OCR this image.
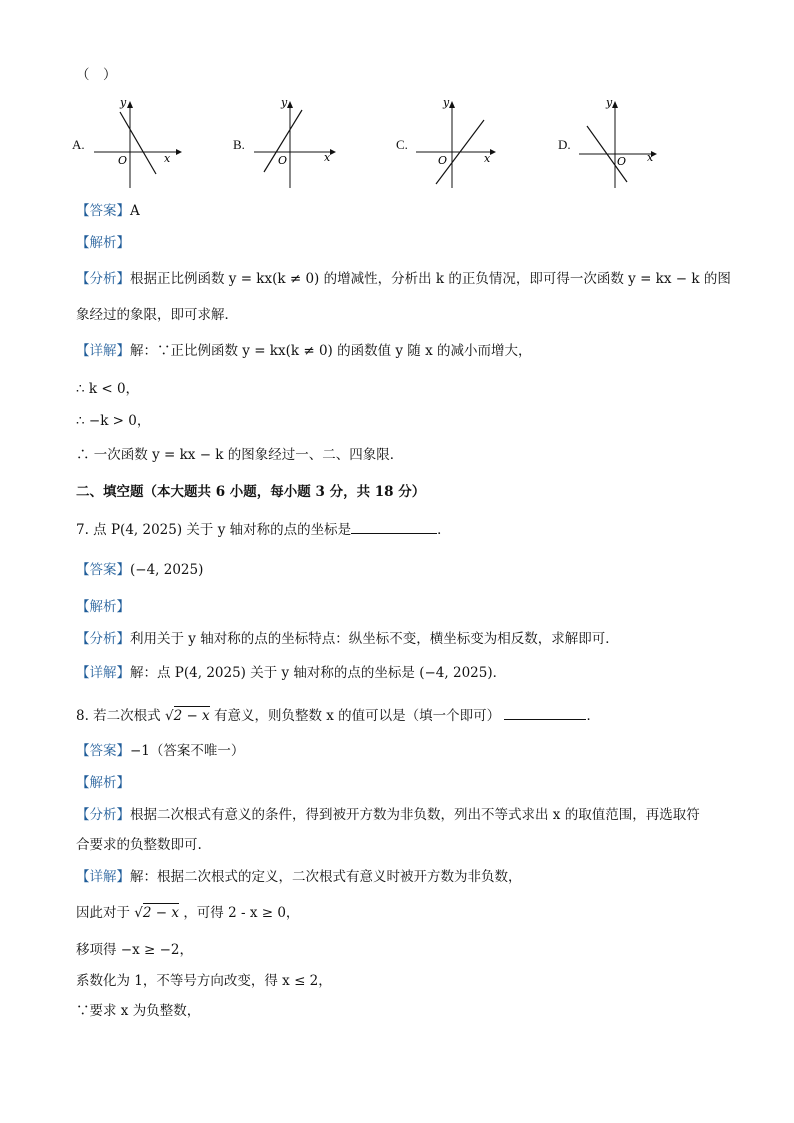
（　）
A.
y
x
O
B.
y
x
O
C.
y
x
O
D.
y
x
O
【答案】A
【解析】
【分析】根据正比例函数 y = kx(k ≠ 0) 的增减性，分析出 k 的正负情况，即可得一次函数 y = kx − k 的图
象经过的象限，即可求解．
【详解】解：∵正比例函数 y = kx(k ≠ 0) 的函数值 y 随 x 的减小而增大，
∴ k < 0，
∴ −k > 0，
∴ 一次函数 y = kx − k 的图象经过一、二、四象限．
二、填空题（本大题共 6 小题，每小题 3 分，共 18 分）
7. 点 P(4, 2025) 关于 y 轴对称的点的坐标是	．
【答案】(−4, 2025)
【解析】
【分析】利用关于 y 轴对称的点的坐标特点：纵坐标不变，横坐标变为相反数，求解即可．
【详解】解：点 P(4, 2025) 关于 y 轴对称的点的坐标是 (−4, 2025)．
8. 若二次根式 √2 − x 有意义，则负整数 x 的值可以是（填一个即可）	．
【答案】−1（答案不唯一）
【解析】
【分析】根据二次根式有意义的条件，得到被开方数为非负数，列出不等式求出 x 的取值范围，再选取符
合要求的负整数即可.
【详解】解：根据二次根式的定义，二次根式有意义时被开方数为非负数，
因此对于 √2 − x ，可得 2 - x ≥ 0，
移项得 −x ≥ −2，
系数化为 1，不等号方向改变，得 x ≤ 2，
∵要求 x 为负整数，
